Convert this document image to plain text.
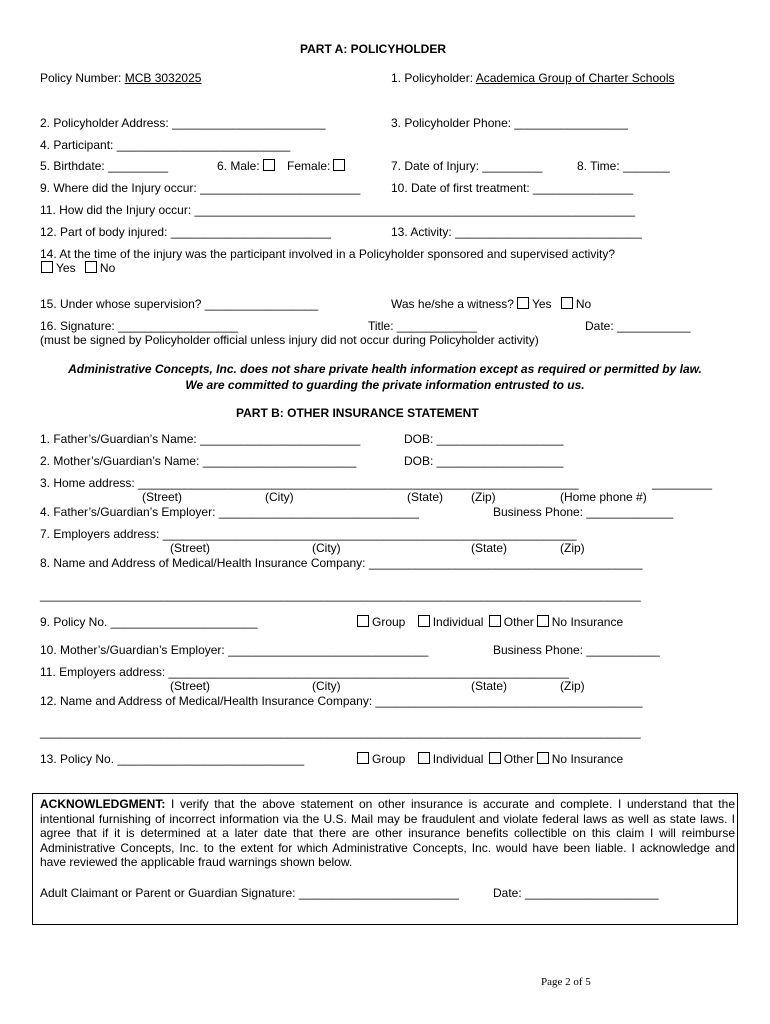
PART A: POLICYHOLDER
Policy Number: MCB 3032025	1. Policyholder: Academica Group of Charter Schools
2. Policyholder Address: _______________________	3. Policyholder Phone: _________________
4. Participant: __________________________
5. Birthdate: _________	6. Male: Female:	7. Date of Injury: _________	8. Time: _______
9. Where did the Injury occur: ________________________	10. Date of first treatment: _______________
11. How did the Injury occur: __________________________________________________________________
12. Part of body injured: ________________________	13. Activity: ____________________________
14. At the time of the injury was the participant involved in a Policyholder sponsored and supervised activity?
Yes No
15. Under whose supervision? _________________	Was he/she a witness? Yes No
16. Signature: __________________	Title: ____________	Date: ___________
(must be signed by Policyholder official unless injury did not occur during Policyholder activity)
Administrative Concepts, Inc. does not share private health information except as required or permitted by law.
We are committed to guarding the private information entrusted to us.
PART B: OTHER INSURANCE STATEMENT
1. Father’s/Guardian’s Name: ________________________	DOB: ___________________
2. Mother’s/Guardian’s Name: _______________________	DOB: ___________________
3. Home address: __________________________________________________________________	_________
(Street)	(City)	(State) (Zip)	(Home phone #)
4. Father’s/Guardian’s Employer: ______________________________	Business Phone: _____________
7. Employers address: ______________________________________________________________
(Street)	(City)	(State)	(Zip)
8. Name and Address of Medical/Health Insurance Company: _________________________________________
__________________________________________________________________________________________
9. Policy No. ______________________	Group Individual Other No Insurance
10. Mother’s/Guardian’s Employer: ______________________________	Business Phone: ___________
11. Employers address: ____________________________________________________________
(Street)	(City)	(State)	(Zip)
12. Name and Address of Medical/Health Insurance Company: ________________________________________
__________________________________________________________________________________________
13. Policy No. ____________________________	Group Individual Other No Insurance
ACKNOWLEDGMENT: I verify that the above statement on other insurance is accurate and complete. I understand that the intentional furnishing of incorrect information via the U.S. Mail may be fraudulent and violate federal laws as well as state laws. I agree that if it is determined at a later date that there are other insurance benefits collectible on this claim I will reimburse Administrative Concepts, Inc. to the extent for which Administrative Concepts, Inc. would have been liable. I acknowledge and have reviewed the applicable fraud warnings shown below.
Adult Claimant or Parent or Guardian Signature: ________________________	Date: ____________________
Page 2 of 5
